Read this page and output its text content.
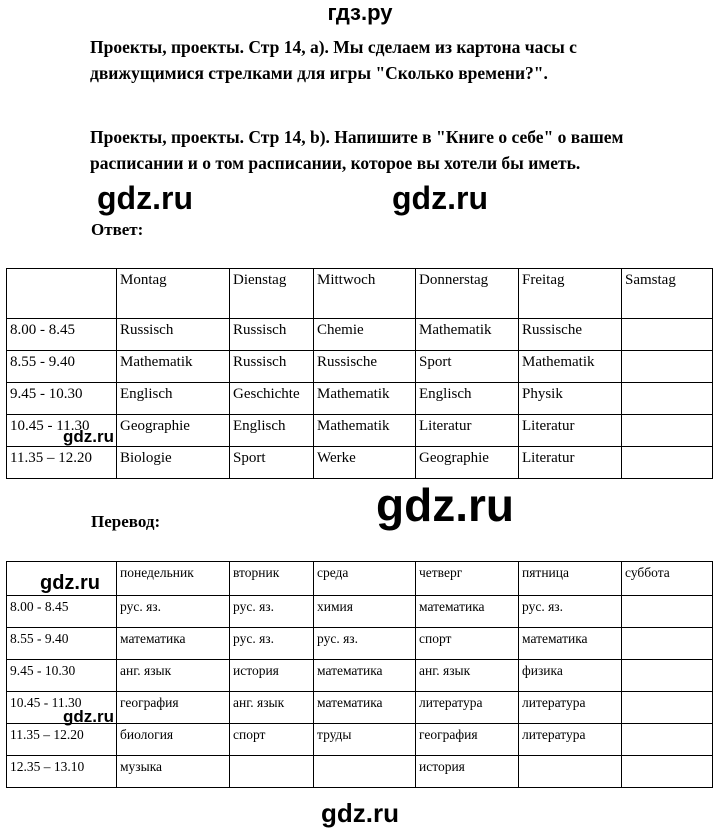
гдз.ру
Проекты, проекты. Стр 14, a). Мы сделаем из картона часы с
движущимися стрелками для игры "Сколько времени?".
Проекты, проекты. Стр 14, b). Напишите в "Книге о себе" о вашем
расписании и о том расписании, которое вы хотели бы иметь.
gdz.ru	gdz.ru
Ответ:
	Montag	Dienstag	Mittwoch	Donnerstag	Freitag	Samstag
8.00 - 8.45	Russisch	Russisch	Chemie	Mathematik	Russische	
8.55 - 9.40	Mathematik	Russisch	Russische	Sport	Mathematik	
9.45 - 10.30	Englisch	Geschichte	Mathematik	Englisch	Physik	
10.45 - 11.30	Geographie	Englisch	Mathematik	Literatur	Literatur	
11.35 – 12.20	Biologie	Sport	Werke	Geographie	Literatur	
gdz.ru
gdz.ru
Перевод:
	понедельник	вторник	среда	четверг	пятница	суббота
8.00 - 8.45	рус. яз.	рус. яз.	химия	математика	рус. яз.	
8.55 - 9.40	математика	рус. яз.	рус. яз.	спорт	математика	
9.45 - 10.30	анг. язык	история	математика	анг. язык	физика	
10.45 - 11.30	география	анг. язык	математика	литература	литература	
11.35 – 12.20	биология	спорт	труды	география	литература	
12.35 – 13.10	музыка			история		
gdz.ru
gdz.ru
gdz.ru
